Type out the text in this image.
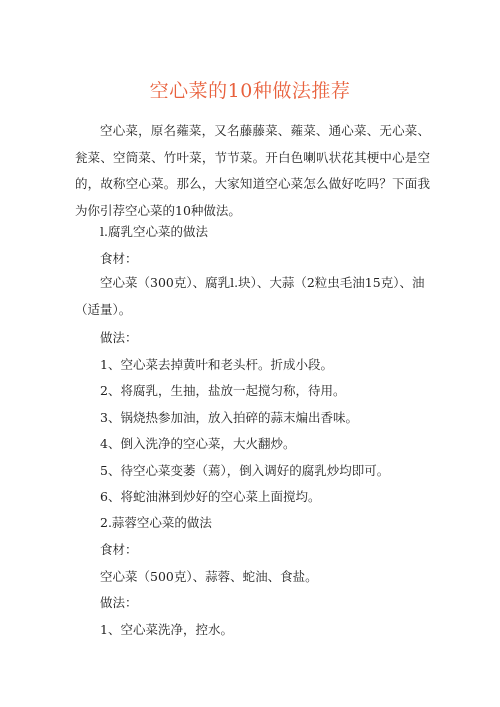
空心菜的10种做法推荐

空心菜，原名蕹菜，又名藤藤菜、蕹菜、通心菜、无心菜、瓮菜、空筒菜、竹叶菜，节节菜。开白色喇叭状花其梗中心是空的，故称空心菜。那么，大家知道空心菜怎么做好吃吗？下面我为你引荐空心菜的10种做法。

l.腐乳空心菜的做法

食材：

空心菜（300克）、腐乳l.块）、大蒜（2粒虫毛油15克）、油（适量）。

做法：

1、空心菜去掉黄叶和老头杆。折成小段。

2、将腐乳，生抽，盐放一起搅匀称，待用。

3、锅烧热参加油，放入拍碎的蒜末煸出香味。

4、倒入洗净的空心菜，大火翻炒。

5、待空心菜变萎（蔫），倒入调好的腐乳炒均即可。

6、将蛇油淋到炒好的空心菜上面搅均。

2.蒜蓉空心菜的做法

食材：

空心菜（500克）、蒜蓉、蛇油、食盐。

做法：

1、空心菜洗净，控水。
